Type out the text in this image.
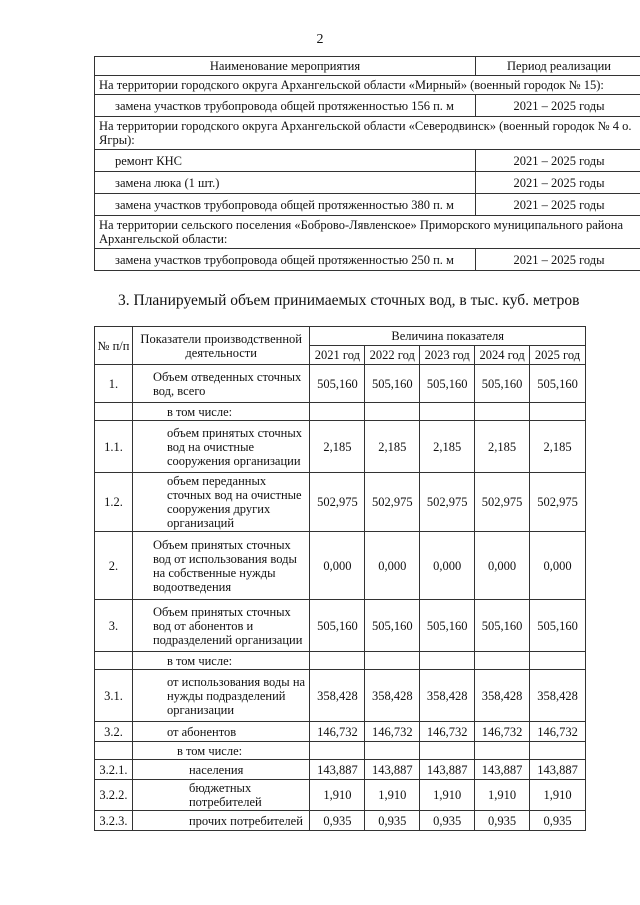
2
Наименование мероприятия	Период реализации
На территории городского округа Архангельской области «Мирный» (военный городок № 15):	
замена участков трубопровода общей протяженностью 156 п. м	2021 – 2025 годы
На территории городского округа Архангельской области «Северодвинск» (военный городок № 4 о. Ягры):	
ремонт КНС	2021 – 2025 годы
замена люка (1 шт.)	2021 – 2025 годы
замена участков трубопровода общей протяженностью 380 п. м	2021 – 2025 годы
На территории сельского поселения «Боброво-Лявленское» Приморского муниципального района Архангельской области:	
замена участков трубопровода общей протяженностью 250 п. м	2021 – 2025 годы
3. Планируемый объем принимаемых сточных вод, в тыс. куб. метров
№ п/п	Показатели производственной деятельности	Величина показателя				
		2021 год	2022 год	2023 год	2024 год	2025 год
1.	Объем отведенных сточных вод, всего	505,160	505,160	505,160	505,160	505,160
	в том числе:					
1.1.	объем принятых сточных вод на очистные сооружения организации	2,185	2,185	2,185	2,185	2,185
1.2.	объем переданных сточных вод на очистные сооружения других организаций	502,975	502,975	502,975	502,975	502,975
2.	Объем принятых сточных вод от использования воды на собственные нужды водоотведения	0,000	0,000	0,000	0,000	0,000
3.	Объем принятых сточных вод от абонентов и подразделений организации	505,160	505,160	505,160	505,160	505,160
	в том числе:					
3.1.	от использования воды на нужды подразделений организации	358,428	358,428	358,428	358,428	358,428
3.2.	от абонентов	146,732	146,732	146,732	146,732	146,732
	в том числе:					
3.2.1.	населения	143,887	143,887	143,887	143,887	143,887
3.2.2.	бюджетных потребителей	1,910	1,910	1,910	1,910	1,910
3.2.3.	прочих потребителей	0,935	0,935	0,935	0,935	0,935
